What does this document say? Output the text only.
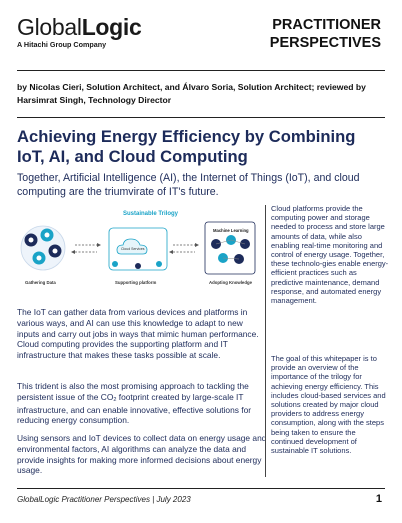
GlobalLogic
A Hitachi Group Company
PRACTITIONER
PERSPECTIVES
by Nicolas Cieri, Solution Architect, and Álvaro Soria, Solution Architect; reviewed by Harsimrat Singh, Technology Director
Achieving Energy Efficiency by Combining IoT, AI, and Cloud Computing

Together, Artificial Intelligence (AI), the Internet of Things (IoT), and cloud computing are the triumvirate of IT's future.

Sustainable Trilogy
Cloud Services
Machine Learning
Gathering Data	Supporting platform	Adopting Knowledge

The IoT can gather data from various devices and platforms in various ways, and AI can use this knowledge to adapt to new inputs and carry out jobs in ways that mimic human performance. Cloud computing provides the supporting platform and IT infrastructure that makes these tasks possible at scale.

This trident is also the most promising approach to tackling the persistent issue of the $CO_2$ footprint created by large-scale IT infrastructure, and can enable innovative, effective solutions for reducing energy consumption.

Using sensors and IoT devices to collect data on energy usage and environmental factors, AI algorithms can analyze the data and provide insights for making more informed decisions about energy usage.

Cloud platforms provide the computing power and storage needed to process and store large amounts of data, while also enabling real-time monitoring and control of energy usage. Together, these technolo-gies enable energy-efficient practices such as predictive maintenance, demand response, and automated energy management.

The goal of this whitepaper is to provide an overview of the importance of the trilogy for achieving energy efficiency. This includes cloud-based services and solutions created by major cloud providers to address energy consumption, along with the steps being taken to ensure the continued development of sustainable IT solutions.

GlobalLogic Practitioner Perspectives | July 2023	1
